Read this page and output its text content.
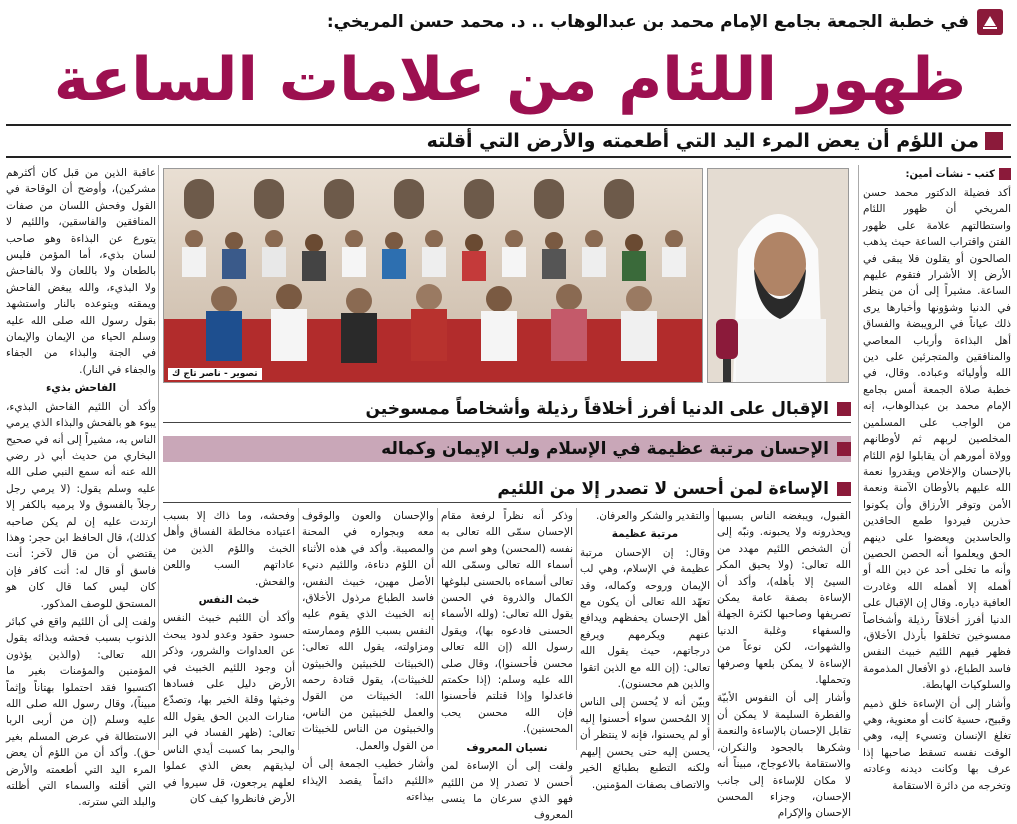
في خطبة الجمعة بجامع الإمام محمد بن عبدالوهاب .. د. محمد حسن المريخي:
ظهور اللئام من علامات الساعة
من اللؤم أن يعض المرء اليد التي أطعمته والأرض التي أقلته
كتب - نشأت أمين:

أكد فضيلة الدكتور محمد حسن المريخي أن ظهور اللئام واستطالتهم علامة على ظهور الفتن واقتراب الساعة حيث يذهب الصالحون أو يقلون فلا يبقى في الأرض إلا الأشرار فتقوم عليهم الساعة. مشيراً إلى أن من ينظر في الدنيا وشؤونها وأخبارها يرى ذلك عياناً في الرويبضة والفساق أهل البذاءة وأرباب المعاصي والمنافقين والمتجرئين على دين الله وأوليائه وعباده. وقال، في خطبة صلاة الجمعة أمس بجامع الإمام محمد بن عبدالوهاب، إنه من الواجب على المسلمين المخلصين لربهم ثم لأوطانهم وولاة أمورهم أن يقابلوا لؤم اللئام بالإحسان والإخلاص ويقدروا نعمة الله عليهم بالأوطان الآمنة ونعمة الأمن وتوفر الأرزاق وأن يكونوا حذرين فيردوا طمع الحاقدين والحاسدين ويعضوا على دينهم الحق ويعلموا أنه الحصن الحصين وأنه ما تخلى أحد عن دين الله أو أهمله إلا أهمله الله وغادرت العافية دياره. وقال إن الإقبال على الدنيا أفرز أخلاقاً رذيلة وأشخاصاً ممسوخين تخلقوا بأرذل الأخلاق، فظهر فيهم اللئيم خبيث النفس فاسد الطباع، ذو الأفعال المذمومة والسلوكيات الهابطة.

وأشار إلى أن الإساءة خلق ذميم وقبيح، حسية كانت أو معنوية، وهي تغلغ الإنسان وتسيء إليه، وهي الوقت نفسه تسقط صاحبها إذا عرف بها وكانت ديدنه وعادته وتخرجه من دائرة الاستقامة

عاقبة الذين من قبل كان أكثرهم مشركين)، وأوضح أن الوقاحة في القول وفحش اللسان من صفات المنافقين والفاسقين، واللئيم لا يتورع عن البذاءة وهو صاحب لسان بذيء، أما المؤمن فليس بالطعان ولا باللعان ولا بالفاحش ولا البذيء، والله يبغض الفاحش ويمقته ويتوعده بالنار واستشهد بقول رسول الله صلى الله عليه وسلم الحياء من الإيمان والإيمان في الجنة والبذاء من الجفاء والجفاء في النار).

الفاحش بذيء

وأكد أن اللئيم الفاحش البذيء، يبوء هو بالفحش والبذاء الذي يرمي الناس به، مشيراً إلى أنه في صحيح البخاري من حديث أبي ذر رضي الله عنه أنه سمع النبي صلى الله عليه وسلم يقول: (لا يرمي رجل رجلاً بالفسوق ولا يرميه بالكفر إلا ارتدت عليه إن لم يكن صاحبه كذلك)، قال الحافظ ابن حجر: وهذا يقتضي أن من قال لآخر: أنت فاسق أو قال له: أنت كافر فإن كان ليس كما قال كان هو المستحق للوصف المذكور.

ولفت إلى أن اللئيم واقع في كبائر الذنوب بسبب فحشه وبذائه يقول الله تعالى: (والذين يؤذون المؤمنين والمؤمنات بغير ما اكتسبوا فقد احتملوا بهتاناً وإثماً مبيناً)، وقال رسول الله صلى الله عليه وسلم (إن من أربى الربا الاستطالة في عرض المسلم بغير حق). وأكد أن من اللؤم أن يعض المرء اليد التي أطعمته والأرض التي أقلته والسماء التي أظلته والبلد التي سترته.

تصوير - ناصر تاج ك
الإقبال على الدنيا أفرز أخلاقاً رذيلة وأشخاصاً ممسوخين
الإحسان مرتبة عظيمة في الإسلام ولب الإيمان وكماله
الإساءة لمن أحسن لا تصدر إلا من اللئيم

القبول، ويبغضه الناس بسببها ويحذرونه ولا يحبونه. ونبّه إلى أن الشخص اللئيم مهدد من الله تعالى: (ولا يحيق المكر السيئ إلا بأهله)، وأكد أن الإساءة بصفة عامة يمكن تصريفها وصاحبها لكثرة الجهلة والسفهاء وغلبة الدنيا والشهوات، لكن نوعاً من الإساءة لا يمكن بلعها وصرفها وتحملها.

وأشار إلى أن النفوس الأبيّة والفطرة السليمة لا يمكن أن تقابل الإحسان بالإساءة والنعمة وشكرها بالجحود والنكران، والاستقامة بالاعوجاج، مبيناً أنه لا مكان للإساءة إلى جانب الإحسان، وجزاء المحسن الإحسان والإكرام

والتقدير والشكر والعرفان.

مرتبة عظيمة

وقال: إن الإحسان مرتبة عظيمة في الإسلام، وهي لب الإيمان وروحه وكماله، وقد تعهّد الله تعالى أن يكون مع أهل الإحسان يحفظهم ويدافع عنهم ويكرمهم ويرفع درجاتهم، حيث يقول الله تعالى: (إن الله مع الذين اتقوا والذين هم محسنون).

وبيّن أنه لا يُحسن إلى الناس إلا المُحسن سواء أحسنوا إليه أو لم يحسنوا، فإنه لا ينتظر أن يحسن إليه حتى يحسن إليهم ولكنه التطبع بطبائع الخير والاتصاف بصفات المؤمنين.

وذكر أنه نظراً لرفعة مقام الإحسان سمّى الله تعالى به نفسه (المحسن) وهو اسم من أسماء الله تعالى وسمّى الله تعالى أسماءه بالحسنى لبلوغها الكمال والذروة في الحسن يقول الله تعالى: (ولله الأسماء الحسنى فادعوه بها)، ويقول رسول الله (إن الله تعالى محسن فأحسنوا)، وقال صلى الله عليه وسلم: (إذا حكمتم فاعدلوا وإذا قتلتم فأحسنوا فإن الله محسن يحب المحسنين).

نسيان المعروف

ولفت إلى أن الإساءة لمن أحسن لا تصدر إلا من اللئيم فهو الذي سرعان ما ينسى المعروف

والإحسان والعون والوقوف معه وبجواره في المحنة والمصيبة. وأكد في هذه الأثناء أن اللؤم دناءة، واللئيم دنيء الأصل مهين، خبيث النفس، فاسد الطباع مرذول الأخلاق، إنه الخبيث الذي يقوم عليه النفس بسبب اللؤم وممارسته ومزاولته، يقول الله تعالى: (الخبيثات للخبيثين والخبيثون للخبيثات)، يقول قتادة رحمه الله: الخبيثات من القول والعمل للخبيثين من الناس، والخبيثون من الناس للخبيثات من القول والعمل.

وأشار خطيب الجمعة إلى أن «اللئيم دائماً يقصد الإيذاء بيذاءته

وفحشه، وما ذاك إلا بسبب اعتياده مخالطة الفساق وأهل الخبث واللؤم الذين من عاداتهم السب واللعن والفحش.

خبث النفس

وأكد أن اللئيم خبيث النفس حسود حقود وعدو لدود يبحث عن العداوات والشرور، وذكر أن وجود اللئيم الخبيث في الأرض دليل على فسادها وخبثها وقلة الخير بها، وتصدّع منارات الدين الحق يقول الله تعالى: (ظهر الفساد في البر والبحر بما كسبت أيدي الناس ليذيقهم بعض الذي عملوا لعلهم يرجعون، قل سيروا في الأرض فانظروا كيف كان
